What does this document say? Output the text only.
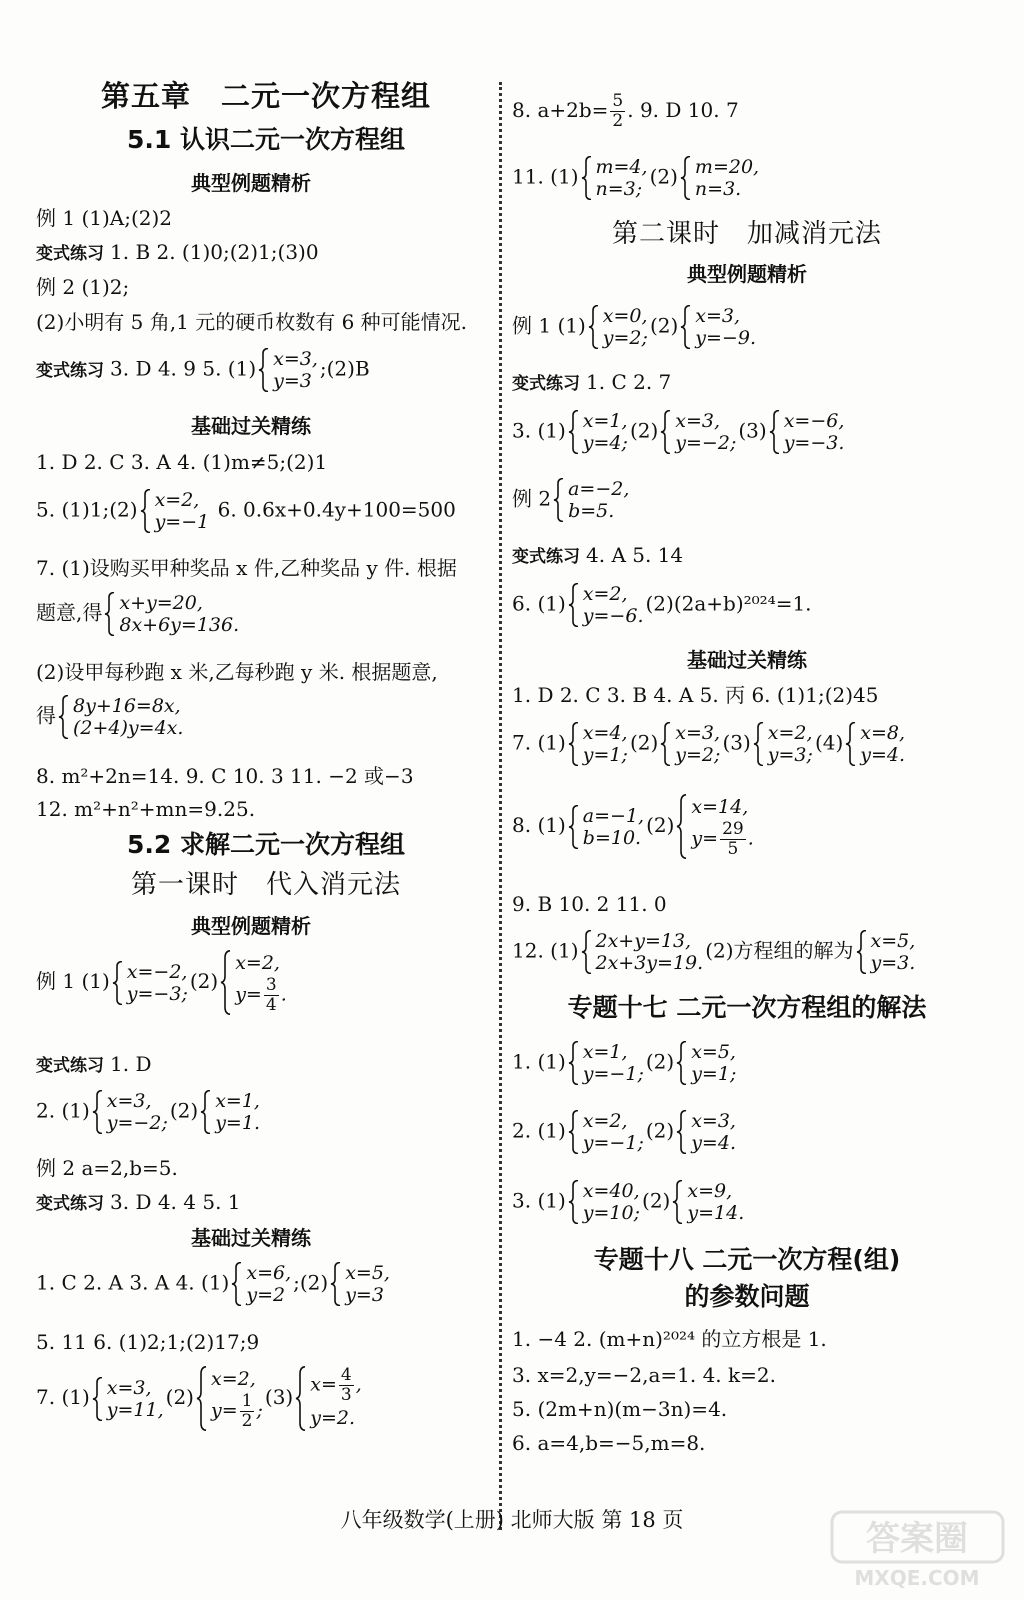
第五章　二元一次方程组
5.1 认识二元一次方程组
典型例题精析
例 1 (1)A;(2)2
变式练习 1. B 2. (1)0;(2)1;(3)0
例 2 (1)2;
(2)小明有 5 角,1 元的硬币枚数有 6 种可能情况.
变式练习 3. D 4. 9 5. (1) x=3,
y=3
;(2)B
基础过关精练
1. D 2. C 3. A 4. (1)m≠5;(2)1
5. (1)1;(2) x=2,
y=−1
6. 0.6x+0.4y+100=500
7. (1)设购买甲种奖品 x 件,乙种奖品 y 件. 根据
题意,得 x+y=20,
8x+6y=136.
(2)设甲每秒跑 x 米,乙每秒跑 y 米. 根据题意,
得 8y+16=8x,
(2+4)y=4x.
8. m²+2n=14. 9. C 10. 3 11. −2 或−3
12. m²+n²+mn=9.25.
5.2 求解二元一次方程组
第一课时　代入消元法
典型例题精析
例 1 (1) x=−2,
y=−3;
(2)
x=2,
$y= \frac{3}{4}$ .
变式练习 1. D
2. (1) x=3,
y=−2;
(2) x=1,
y=1.
例 2 a=2,b=5.
变式练习 3. D 4. 4 5. 1
基础过关精练
1. C 2. A 3. A 4. (1) x=6,
y=2
;(2) x=5,
y=3
5. 11 6. (1)2;1;(2)17;9
7. (1) x=3,
y=11,
(2)
x=2,
$y= \frac{1}{2}$ ;
(3)
$x= \frac{4}{3}$ ,
y=2.
8. $a+2b= \frac{5}{2}$ . 9. D 10. 7
11. (1) m=4,
n=3;
(2) m=20,
n=3.
第二课时　加减消元法
典型例题精析
例 1 (1) x=0,
y=2;
(2) x=3,
y=−9.
变式练习 1. C 2. 7
3. (1) x=1,
y=4;
(2) x=3,
y=−2;
(3) x=−6,
y=−3.
例 2 a=−2,
b=5.
变式练习 4. A 5. 14
6. (1) x=2,
y=−6.
(2)(2a+b)²⁰²⁴=1.
基础过关精练
1. D 2. C 3. B 4. A 5. 丙 6. (1)1;(2)45
7. (1) x=4,
y=1;
(2) x=3,
y=2;
(3) x=2,
y=3;
(4) x=8,
y=4.
8. (1) a=−1,
b=10.
(2)
x=14,
$y= \frac{29}{5}$ .
9. B 10. 2 11. 0
12. (1) 2x+y=13,
2x+3y=19.
(2)方程组的解为 x=5,
y=3.
专题十七 二元一次方程组的解法
1. (1) x=1,
y=−1;
(2) x=5,
y=1;
2. (1) x=2,
y=−1;
(2) x=3,
y=4.
3. (1) x=40,
y=10;
(2) x=9,
y=14.
专题十八 二元一次方程(组)
的参数问题
1. −4 2. (m+n)²⁰²⁴ 的立方根是 1.
3. x=2,y=−2,a=1. 4. k=2.
5. (2m+n)(m−3n)=4.
6. a=4,b=−5,m=8.
八年级数学(上册) 北师大版 第 18 页	答案圈
MXQE.COM
